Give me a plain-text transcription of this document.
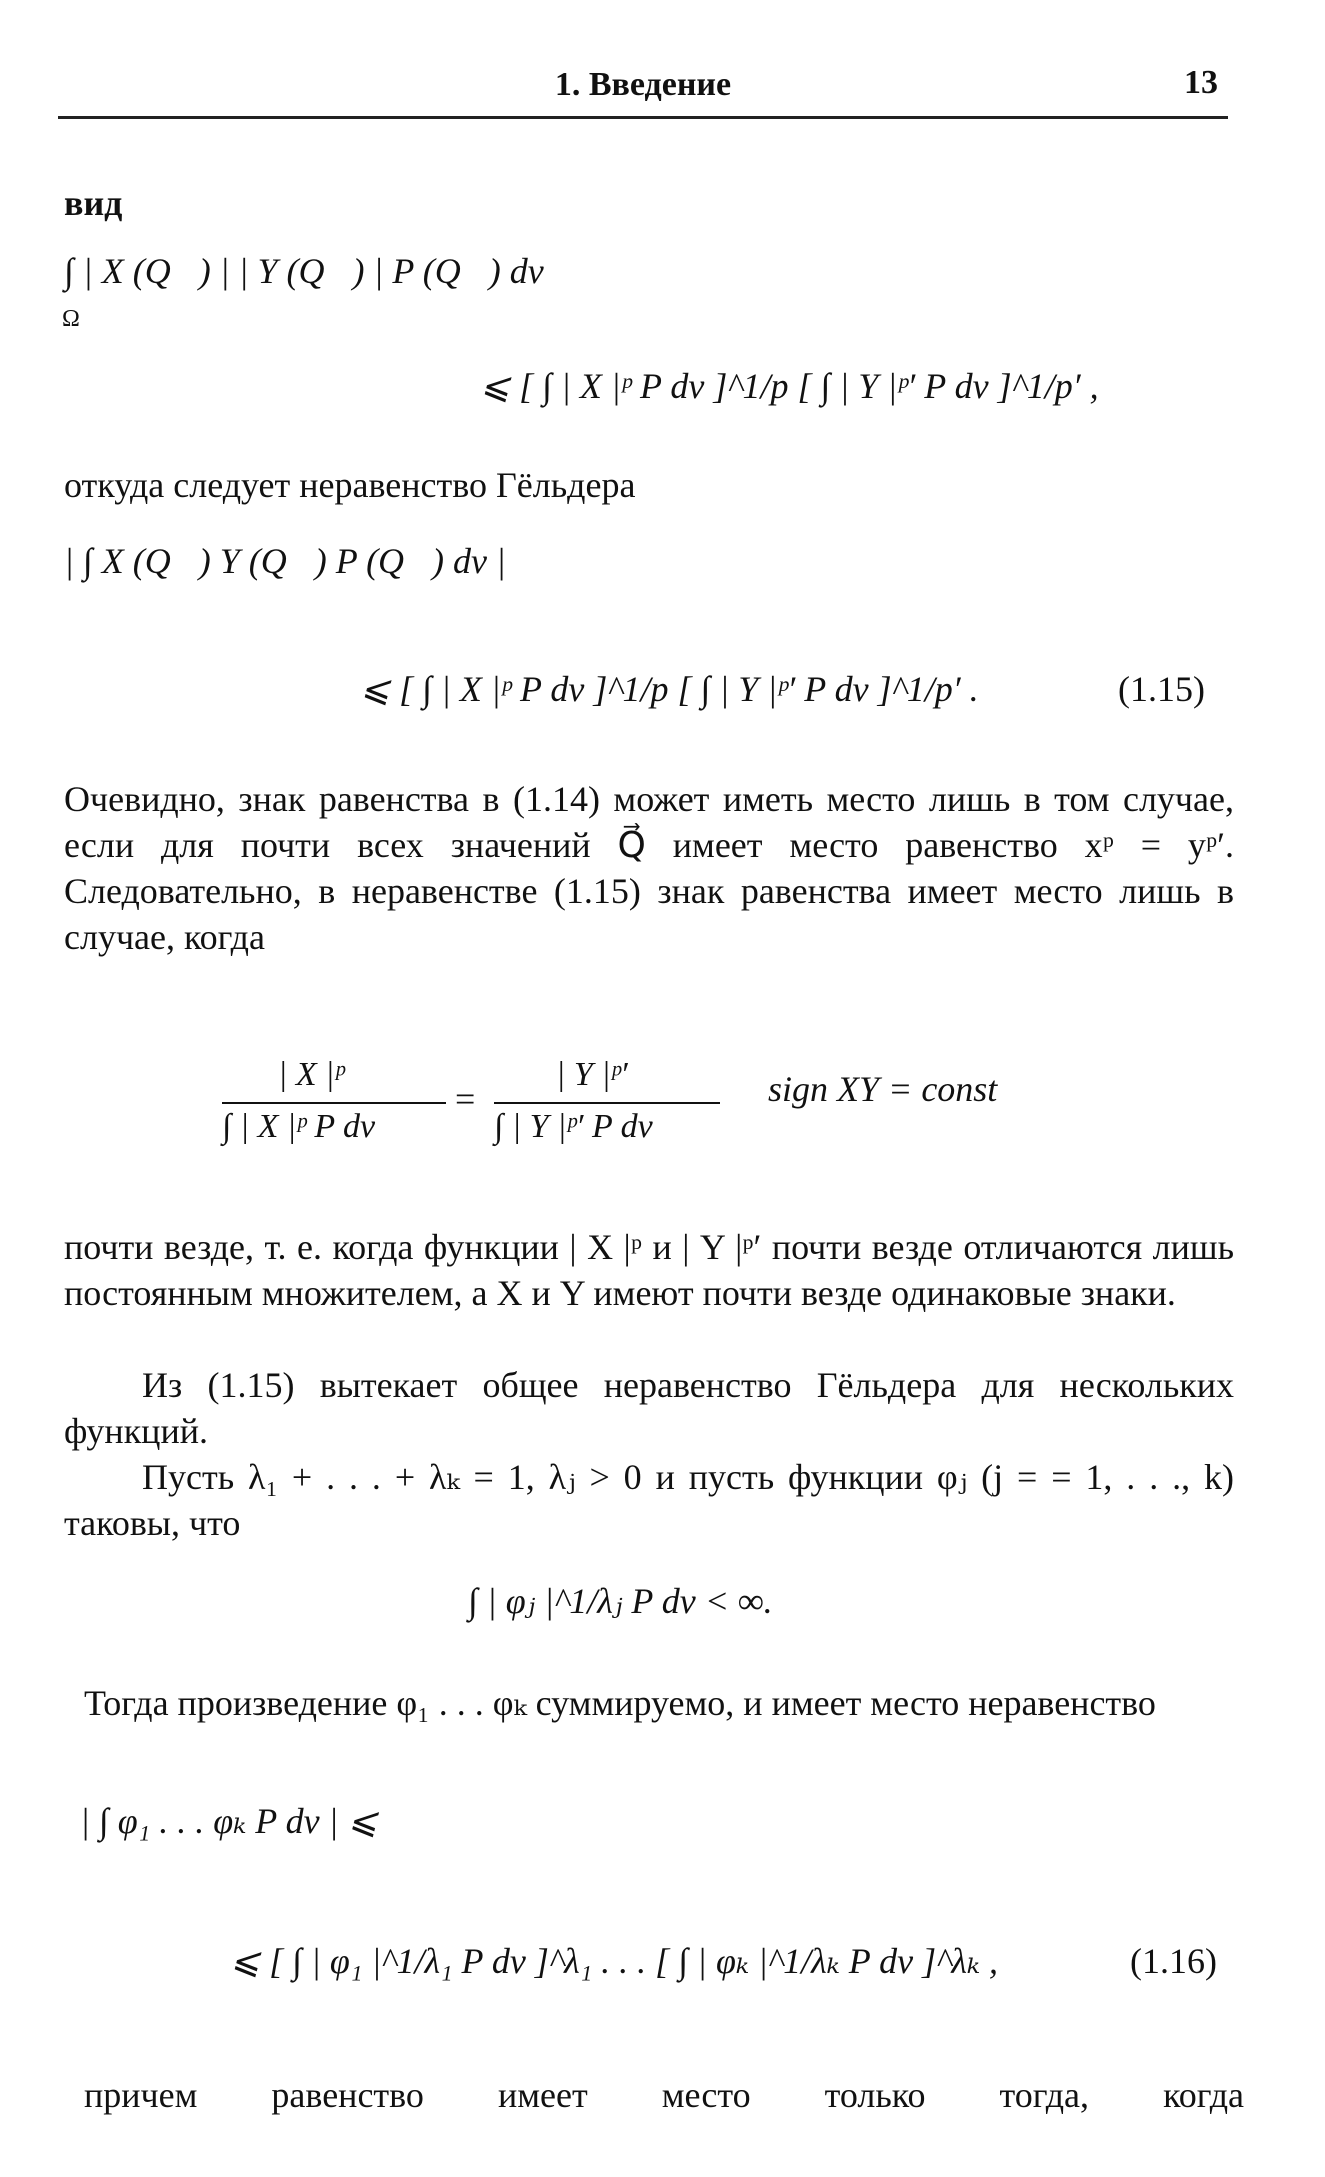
1. Введение	13
вид
∫ | X (Q⃗) | | Y (Q⃗) | P (Q⃗) dv ⩽
Ω
⩽ [ ∫ | X |ᵖ P dv ]^1/p [ ∫ | Y |ᵖ′ P dv ]^1/p′ ,
откуда следует неравенство Гёльдера
| ∫ X (Q⃗) Y (Q⃗) P (Q⃗) dv | ⩽
⩽ [ ∫ | X |ᵖ P dv ]^1/p [ ∫ | Y |ᵖ′ P dv ]^1/p′ .	(1.15)
Очевидно, знак равенства в (1.14) может иметь место лишь в том случае, если для почти всех значений Q⃗ имеет место равенство xᵖ = yᵖ′. Следовательно, в неравенстве (1.15) знак равенства имеет место лишь в случае, когда
| X |ᵖ
∫ | X |ᵖ P dv
=
| Y |ᵖ′
∫ | Y |ᵖ′ P dv
sign XY = const
почти везде, т. е. когда функции | X |ᵖ и | Y |ᵖ′ почти везде отличаются лишь постоянным множителем, а X и Y имеют почти везде одинаковые знаки.
Из (1.15) вытекает общее неравенство Гёльдера для нескольких функций.
Пусть λ₁ + . . . + λₖ = 1, λⱼ > 0 и пусть функции φⱼ (j = = 1, . . ., k) таковы, что
∫ | φⱼ |^1/λⱼ P dv < ∞.
Тогда произведение φ₁ . . . φₖ суммируемо, и имеет место неравенство
| ∫ φ₁ . . . φₖ P dv | ⩽
⩽ [ ∫ | φ₁ |^1/λ₁ P dv ]^λ₁ . . . [ ∫ | φₖ |^1/λₖ P dv ]^λₖ ,	(1.16)
причем равенство имеет место только тогда, когда
